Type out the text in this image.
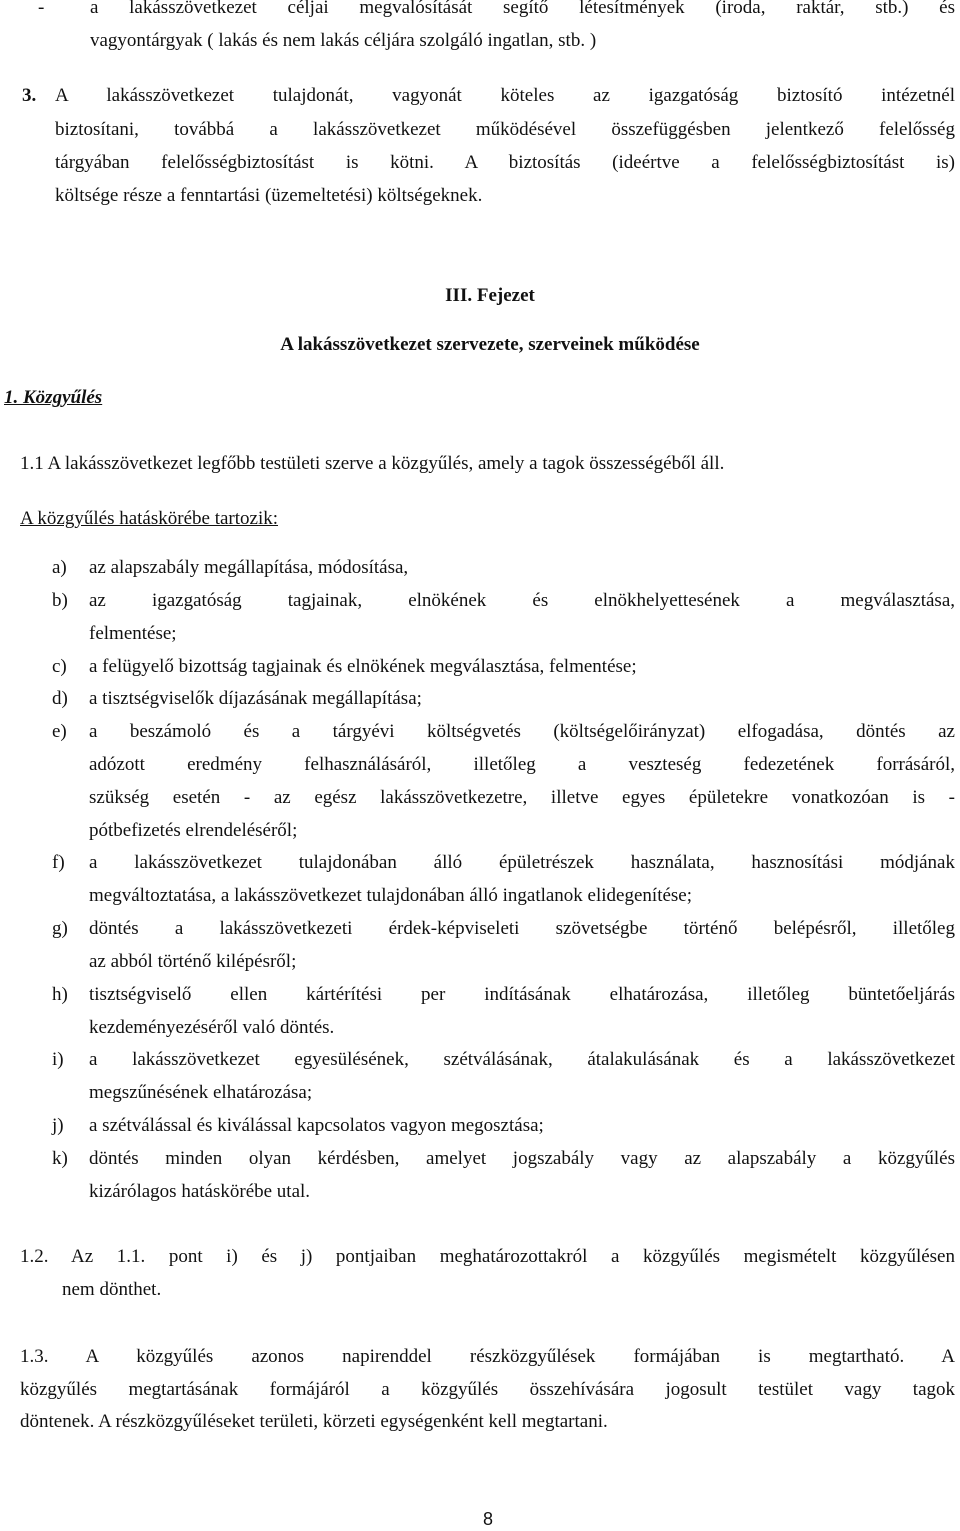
- a lakásszövetkezet céljai megvalósítását segítő létesítmények (iroda, raktár, stb.) és
vagyontárgyak ( lakás és nem lakás céljára szolgáló ingatlan, stb. )
3. A lakásszövetkezet tulajdonát, vagyonát köteles az igazgatóság biztosító intézetnél
biztosítani, továbbá a lakásszövetkezet működésével összefüggésben jelentkező felelősség
tárgyában felelősségbiztosítást is kötni. A biztosítás (ideértve a felelősségbiztosítást is)
költsége része a fenntartási (üzemeltetési) költségeknek.
III. Fejezet
A lakásszövetkezet szervezete, szerveinek működése
1. Közgyűlés
1.1 A lakásszövetkezet legfőbb testületi szerve a közgyűlés, amely a tagok összességéből áll.
A közgyűlés hatáskörébe tartozik:
a) az alapszabály megállapítása, módosítása,
b) az igazgatóság tagjainak, elnökének és elnökhelyettesének a megválasztása,
felmentése;
c) a felügyelő bizottság tagjainak és elnökének megválasztása, felmentése;
d) a tisztségviselők díjazásának megállapítása;
e) a beszámoló és a tárgyévi költségvetés (költségelőirányzat) elfogadása, döntés az
adózott eredmény felhasználásáról, illetőleg a veszteség fedezetének forrásáról,
szükség esetén - az egész lakásszövetkezetre, illetve egyes épületekre vonatkozóan is -
pótbefizetés elrendeléséről;
f) a lakásszövetkezet tulajdonában álló épületrészek használata, hasznosítási módjának
megváltoztatása, a lakásszövetkezet tulajdonában álló ingatlanok elidegenítése;
g) döntés a lakásszövetkezeti érdek-képviseleti szövetségbe történő belépésről, illetőleg
az abból történő kilépésről;
h) tisztségviselő ellen kártérítési per indításának elhatározása, illetőleg büntetőeljárás
kezdeményezéséről való döntés.
i) a lakásszövetkezet egyesülésének, szétválásának, átalakulásának és a lakásszövetkezet
megszűnésének elhatározása;
j) a szétválással és kiválással kapcsolatos vagyon megosztása;
k) döntés minden olyan kérdésben, amelyet jogszabály vagy az alapszabály a közgyűlés
kizárólagos hatáskörébe utal.
1.2. Az 1.1. pont i) és j) pontjaiban meghatározottakról a közgyűlés megismételt közgyűlésen
nem dönthet.
1.3. A közgyűlés azonos napirenddel részközgyűlések formájában is megtartható. A
közgyűlés megtartásának formájáról a közgyűlés összehívására jogosult testület vagy tagok
döntenek. A részközgyűléseket területi, körzeti egységenként kell megtartani.
8
